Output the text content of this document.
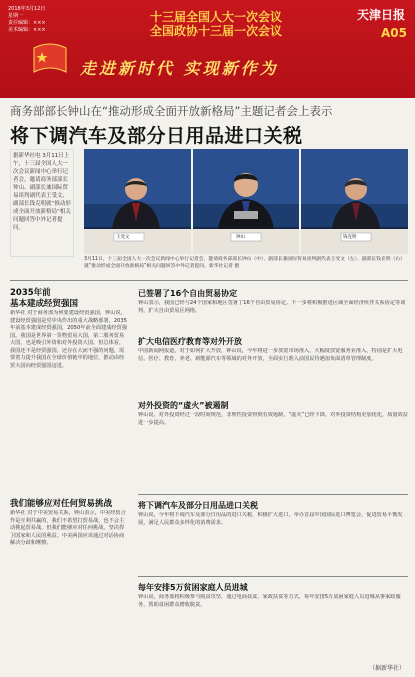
2018年3月12日
星期一
责任编辑：×××
美术编辑：×××
十三届全国人大一次会议
全国政协十三届一次会议
天津日报
A05
走进新时代 实现新作为
商务部部长钟山在“推动形成全面开放新格局”主题记者会上表示
将下调汽车及部分日用品进口关税
据新华社电 3月11日上午，十三届全国人大一次会议新闻中心举行记者会，邀请商务部部长钟山、副部长兼国际贸易谈判副代表王受文、副部长钱克明就“推动形成全面开放新格局”相关问题回答中外记者提问。
王受文	钟山	钱克明
3月11日，十三届全国人大一次会议新闻中心举行记者会，邀请商务部部长钟山（中）、副部长兼国际贸易谈判副代表王受文（左）、副部长钱克明（右）就“推动形成全面开放新格局”相关问题回答中外记者提问。新华社记者 摄
2035年前
基本建成经贸强国
新华社 对于商务部为何要建设经贸强国，钟山说，建设经贸强国是党中央作出的重大战略部署，2035年前基本建成经贸强国，2050年前全面建成经贸强国。我国是世界第一货物贸易大国，第二服务贸易大国，也是吸引外资和对外投资大国。但总体看，我国还不是经贸强国，还存在大而不强的问题，需要着力提升我国在全球价值链中的地位，推动由经贸大国向经贸强国迈进。
我们能够应对任何贸易挑战
新华社 对于中美贸易关系，钟山表示，中美经贸合作是互利共赢的，我们不希望打贸易战，也不会主动挑起贸易战，但我们能够应对任何挑战，坚决捍卫国家和人民的利益。中美两国应该通过对话协商解决分歧和摩擦。
已签署了16个自由贸易协定
钟山表示，我国已经与24个国家和地区签署了16个自由贸易协定。下一步将积极推进区域全面经济伙伴关系协定等谈判，扩大自由贸易区网络。
扩大电信医疗教育等对外开放
中国新闻网报道，对于如何扩大开放，钟山说，今年将进一步放宽市场准入，大幅度放宽服务业准入，特别是扩大电信、医疗、教育、养老、新能源汽车等领域的对外开放，全面实行准入前国民待遇加负面清单管理制度。
对外投资的“虚火”被遏制
钟山说，对外投资经过一段时间规范，非理性投资得到有效遏制，“虚火”已经下降，对外投资结构更加优化，质量效益进一步提高。
将下调汽车及部分日用品进口关税
钟山说，今年将下调汽车及部分日用品的进口关税，积极扩大进口，举办首届中国国际进口博览会，促进贸易平衡发展，满足人民群众多样化的消费需求。
每年安排5万贫困家庭人员进城
钟山说，商务部将积极参与脱贫攻坚，通过电商扶贫、家政扶贫等方式，每年安排5万贫困家庭人员进城从事家政服务，帮助贫困群众增收脱贫。
（据新华社）
